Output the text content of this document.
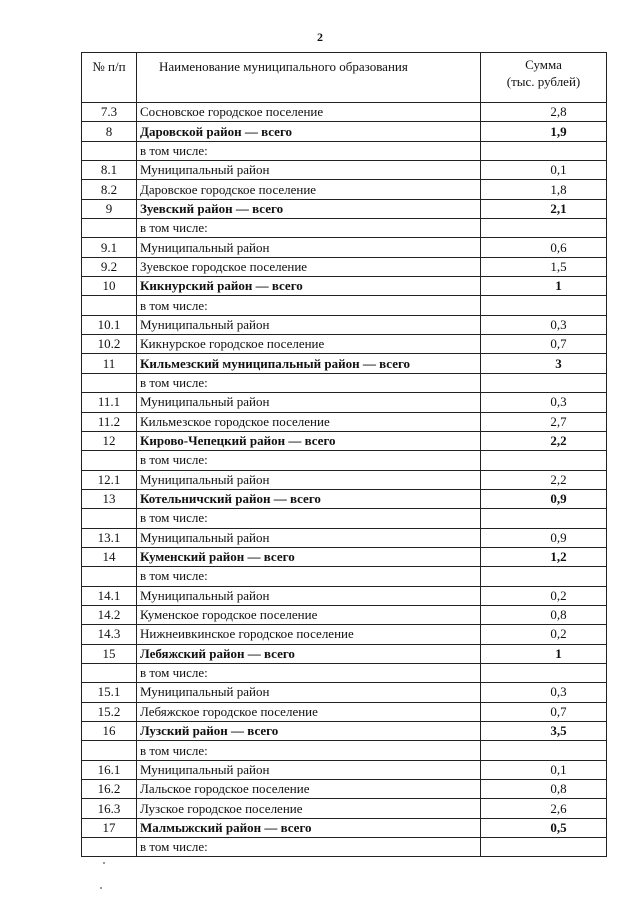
2
№ п/п	Наименование муниципального образования	Сумма
(тыс. рублей)

7.3	Сосновское городское поселение	2,8
8	Даровской район — всего	1,9
	в том числе:	
8.1	Муниципальный район	0,1
8.2	Даровское городское поселение	1,8
9	Зуевский район — всего	2,1
	в том числе:	
9.1	Муниципальный район	0,6
9.2	Зуевское городское поселение	1,5
10	Кикнурский район — всего	1
	в том числе:	
10.1	Муниципальный район	0,3
10.2	Кикнурское городское поселение	0,7
11	Кильмезский муниципальный район — всего	3
	в том числе:	
11.1	Муниципальный район	0,3
11.2	Кильмезское городское поселение	2,7
12	Кирово-Чепецкий район — всего	2,2
	в том числе:	
12.1	Муниципальный район	2,2
13	Котельничский район — всего	0,9
	в том числе:	
13.1	Муниципальный район	0,9
14	Куменский район — всего	1,2
	в том числе:	
14.1	Муниципальный район	0,2
14.2	Куменское городское поселение	0,8
14.3	Нижнеивкинское городское поселение	0,2
15	Лебяжский район — всего	1
	в том числе:	
15.1	Муниципальный район	0,3
15.2	Лебяжское городское поселение	0,7
16	Лузский район — всего	3,5
	в том числе:	
16.1	Муниципальный район	0,1
16.2	Лальское городское поселение	0,8
16.3	Лузское городское поселение	2,6
17	Малмыжский район — всего	0,5
	в том числе:	
